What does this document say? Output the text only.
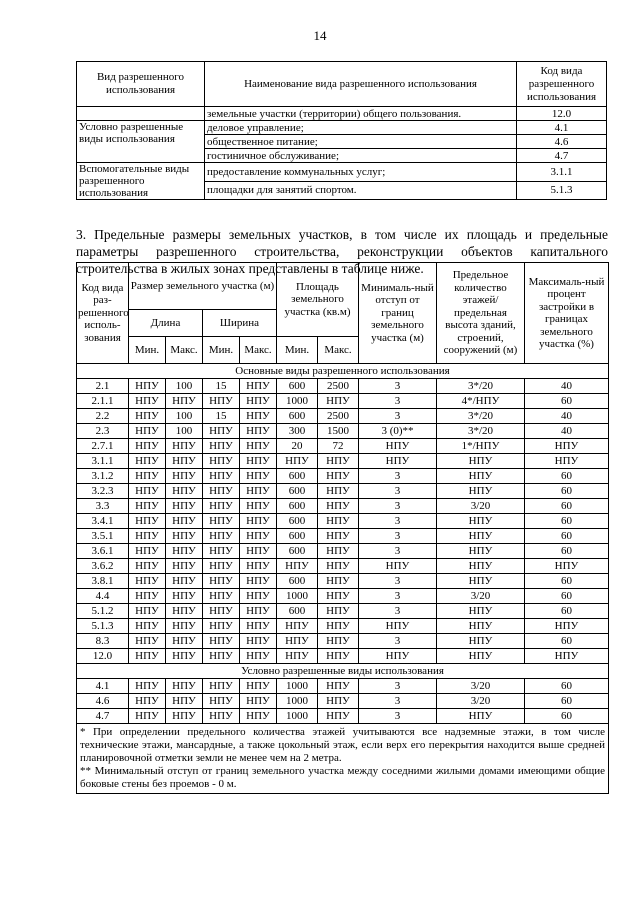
14
Вид разрешенного использования	Наименование вида разрешенного использования	Код вида разрешенного использования
	земельные участки (территории) общего пользования.	12.0
Условно разрешенные виды использования	деловое управление;	4.1
	общественное питание;	4.6
	гостиничное обслуживание;	4.7
Вспомогательные виды разрешенного использования	предоставление коммунальных услуг;	3.1.1
	площадки для занятий спортом.	5.1.3

3. Предельные размеры земельных участков, в том числе их площадь и предельные параметры разрешенного строительства, реконструкции объектов капитального строительства в жилых зонах представлены в таблице ниже.

Код вида раз-решенного исполь-зования	Размер земельного участка (м)				Площадь земельного участка (кв.м)		Минималь-ный отступ от границ земельного участка (м)	Предельное количество этажей/ предельная высота зданий, строений, сооружений (м)	Максималь-ный процент застройки в границах земельного участка (%)
	Длина		Ширина						
	Мин.	Макс.	Мин.	Макс.	Мин.	Макс.			
Основные виды разрешенного использования									
2.1	НПУ	100	15	НПУ	600	2500	3	3*/20	40
2.1.1	НПУ	НПУ	НПУ	НПУ	1000	НПУ	3	4*/НПУ	60
2.2	НПУ	100	15	НПУ	600	2500	3	3*/20	40
2.3	НПУ	100	НПУ	НПУ	300	1500	3 (0)**	3*/20	40
2.7.1	НПУ	НПУ	НПУ	НПУ	20	72	НПУ	1*/НПУ	НПУ
3.1.1	НПУ	НПУ	НПУ	НПУ	НПУ	НПУ	НПУ	НПУ	НПУ
3.1.2	НПУ	НПУ	НПУ	НПУ	600	НПУ	3	НПУ	60
3.2.3	НПУ	НПУ	НПУ	НПУ	600	НПУ	3	НПУ	60
3.3	НПУ	НПУ	НПУ	НПУ	600	НПУ	3	3/20	60
3.4.1	НПУ	НПУ	НПУ	НПУ	600	НПУ	3	НПУ	60
3.5.1	НПУ	НПУ	НПУ	НПУ	600	НПУ	3	НПУ	60
3.6.1	НПУ	НПУ	НПУ	НПУ	600	НПУ	3	НПУ	60
3.6.2	НПУ	НПУ	НПУ	НПУ	НПУ	НПУ	НПУ	НПУ	НПУ
3.8.1	НПУ	НПУ	НПУ	НПУ	600	НПУ	3	НПУ	60
4.4	НПУ	НПУ	НПУ	НПУ	1000	НПУ	3	3/20	60
5.1.2	НПУ	НПУ	НПУ	НПУ	600	НПУ	3	НПУ	60
5.1.3	НПУ	НПУ	НПУ	НПУ	НПУ	НПУ	НПУ	НПУ	НПУ
8.3	НПУ	НПУ	НПУ	НПУ	НПУ	НПУ	3	НПУ	60
12.0	НПУ	НПУ	НПУ	НПУ	НПУ	НПУ	НПУ	НПУ	НПУ
Условно разрешенные виды использования									
4.1	НПУ	НПУ	НПУ	НПУ	1000	НПУ	3	3/20	60
4.6	НПУ	НПУ	НПУ	НПУ	1000	НПУ	3	3/20	60
4.7	НПУ	НПУ	НПУ	НПУ	1000	НПУ	3	НПУ	60

* При определении предельного количества этажей учитываются все надземные этажи, в том числе технические этажи, мансардные, а также цокольный этаж, если верх его перекрытия находится выше средней планировочной отметки земли не менее чем на 2 метра.

** Минимальный отступ от границ земельного участка между соседними жилыми домами имеющими общие боковые стены без проемов - 0 м.									
